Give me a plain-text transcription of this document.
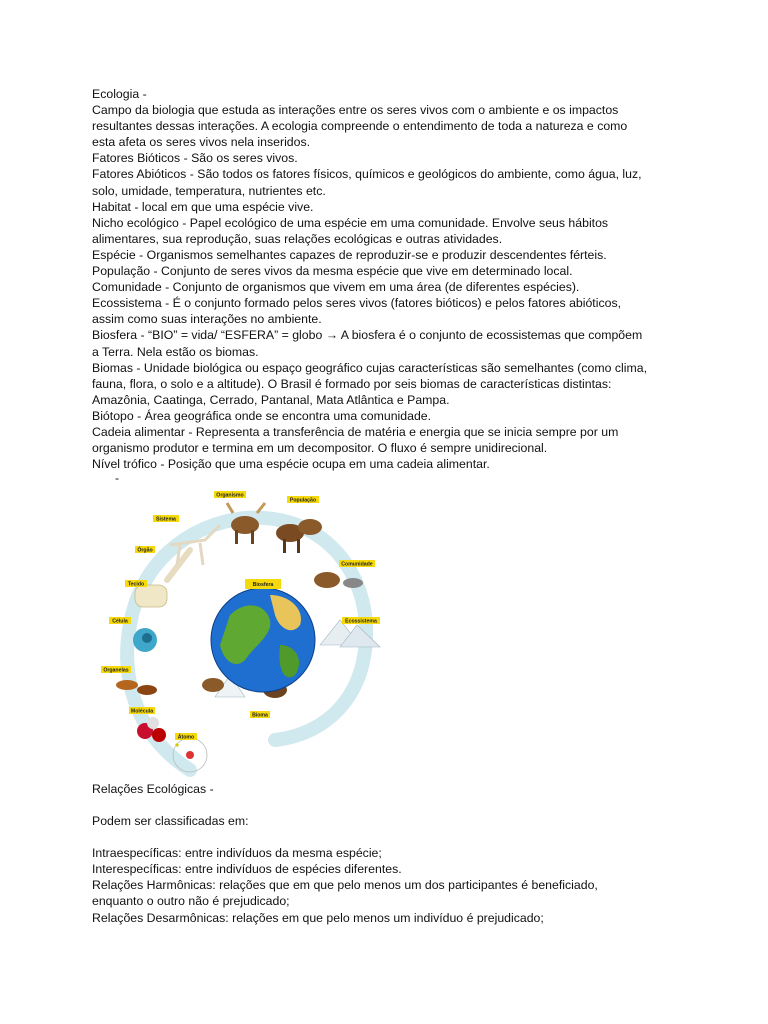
Ecologia -

Campo da biologia que estuda as interações entre os seres vivos com o ambiente e os impactos

resultantes dessas interações. A ecologia compreende o entendimento de toda a natureza e como

esta afeta os seres vivos nela inseridos.

Fatores Bióticos - São os seres vivos.

Fatores Abióticos - São todos os fatores físicos, químicos e geológicos do ambiente, como água, luz,

solo, umidade, temperatura, nutrientes etc.

Habitat - local em que uma espécie vive.

Nicho ecológico - Papel ecológico de uma espécie em uma comunidade. Envolve seus hábitos

alimentares, sua reprodução, suas relações ecológicas e outras atividades.

Espécie - Organismos semelhantes capazes de reproduzir-se e produzir descendentes férteis.

População - Conjunto de seres vivos da mesma espécie que vive em determinado local.

Comunidade - Conjunto de organismos que vivem em uma área (de diferentes espécies).

Ecossistema - É o conjunto formado pelos seres vivos (fatores bióticos) e pelos fatores abióticos,

assim como suas interações no ambiente.

Biosfera - “BIO” = vida/ “ESFERA” = globo → A biosfera é o conjunto de ecossistemas que compõem

a Terra. Nela estão os biomas.

Biomas - Unidade biológica ou espaço geográfico cujas características são semelhantes (como clima,

fauna, flora, o solo e a altitude). O Brasil é formado por seis biomas de características distintas:

Amazônia, Caatinga, Cerrado, Pantanal, Mata Atlântica e Pampa.

Biótopo - Área geográfica onde se encontra uma comunidade.

Cadeia alimentar - Representa a transferência de matéria e energia que se inicia sempre por um

organismo produtor e termina em um decompositor. O fluxo é sempre unidirecional.

Nível trófico - Posição que uma espécie ocupa em uma cadeia alimentar.

-
Biosfera
Átomo
Molécula
Organelas
Célula
Tecido
Órgão
Sistema
Organismo
População
Comunidade
Ecossistema
Bioma

Relações Ecológicas -

Podem ser classificadas em:

Intraespecíficas: entre indivíduos da mesma espécie;

Interespecíficas: entre indivíduos de espécies diferentes.

Relações Harmônicas: relações que em que pelo menos um dos participantes é beneficiado,

enquanto o outro não é prejudicado;

Relações Desarmônicas: relações em que pelo menos um indivíduo é prejudicado;
